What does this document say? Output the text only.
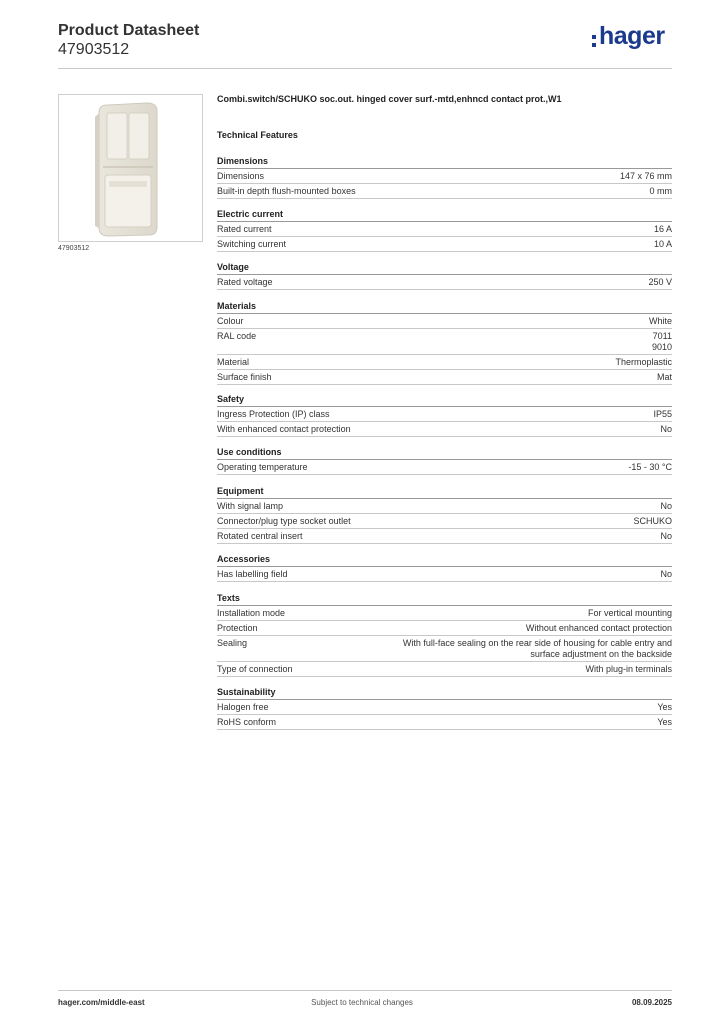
Product Datasheet
47903512	hager
47903512
Combi.switch/SCHUKO soc.out. hinged cover surf.-mtd,enhncd contact prot.,W1
Technical Features
Dimensions
Dimensions	147 x 76 mm
Built-in depth flush-mounted boxes	0 mm
Electric current
Rated current	16 A
Switching current	10 A
Voltage
Rated voltage	250 V
Materials
Colour	White
RAL code	7011
9010
Material	Thermoplastic
Surface finish	Mat
Safety
Ingress Protection (IP) class	IP55
With enhanced contact protection	No
Use conditions
Operating temperature	-15 - 30 °C
Equipment
With signal lamp	No
Connector/plug type socket outlet	SCHUKO
Rotated central insert	No
Accessories
Has labelling field	No
Texts
Installation mode	For vertical mounting
Protection	Without enhanced contact protection
Sealing	With full-face sealing on the rear side of housing for cable entry and surface adjustment on the backside
Type of connection	With plug-in terminals
Sustainability
Halogen free	Yes
RoHS conform	Yes
hager.com/middle-east	Subject to technical changes	08.09.2025
